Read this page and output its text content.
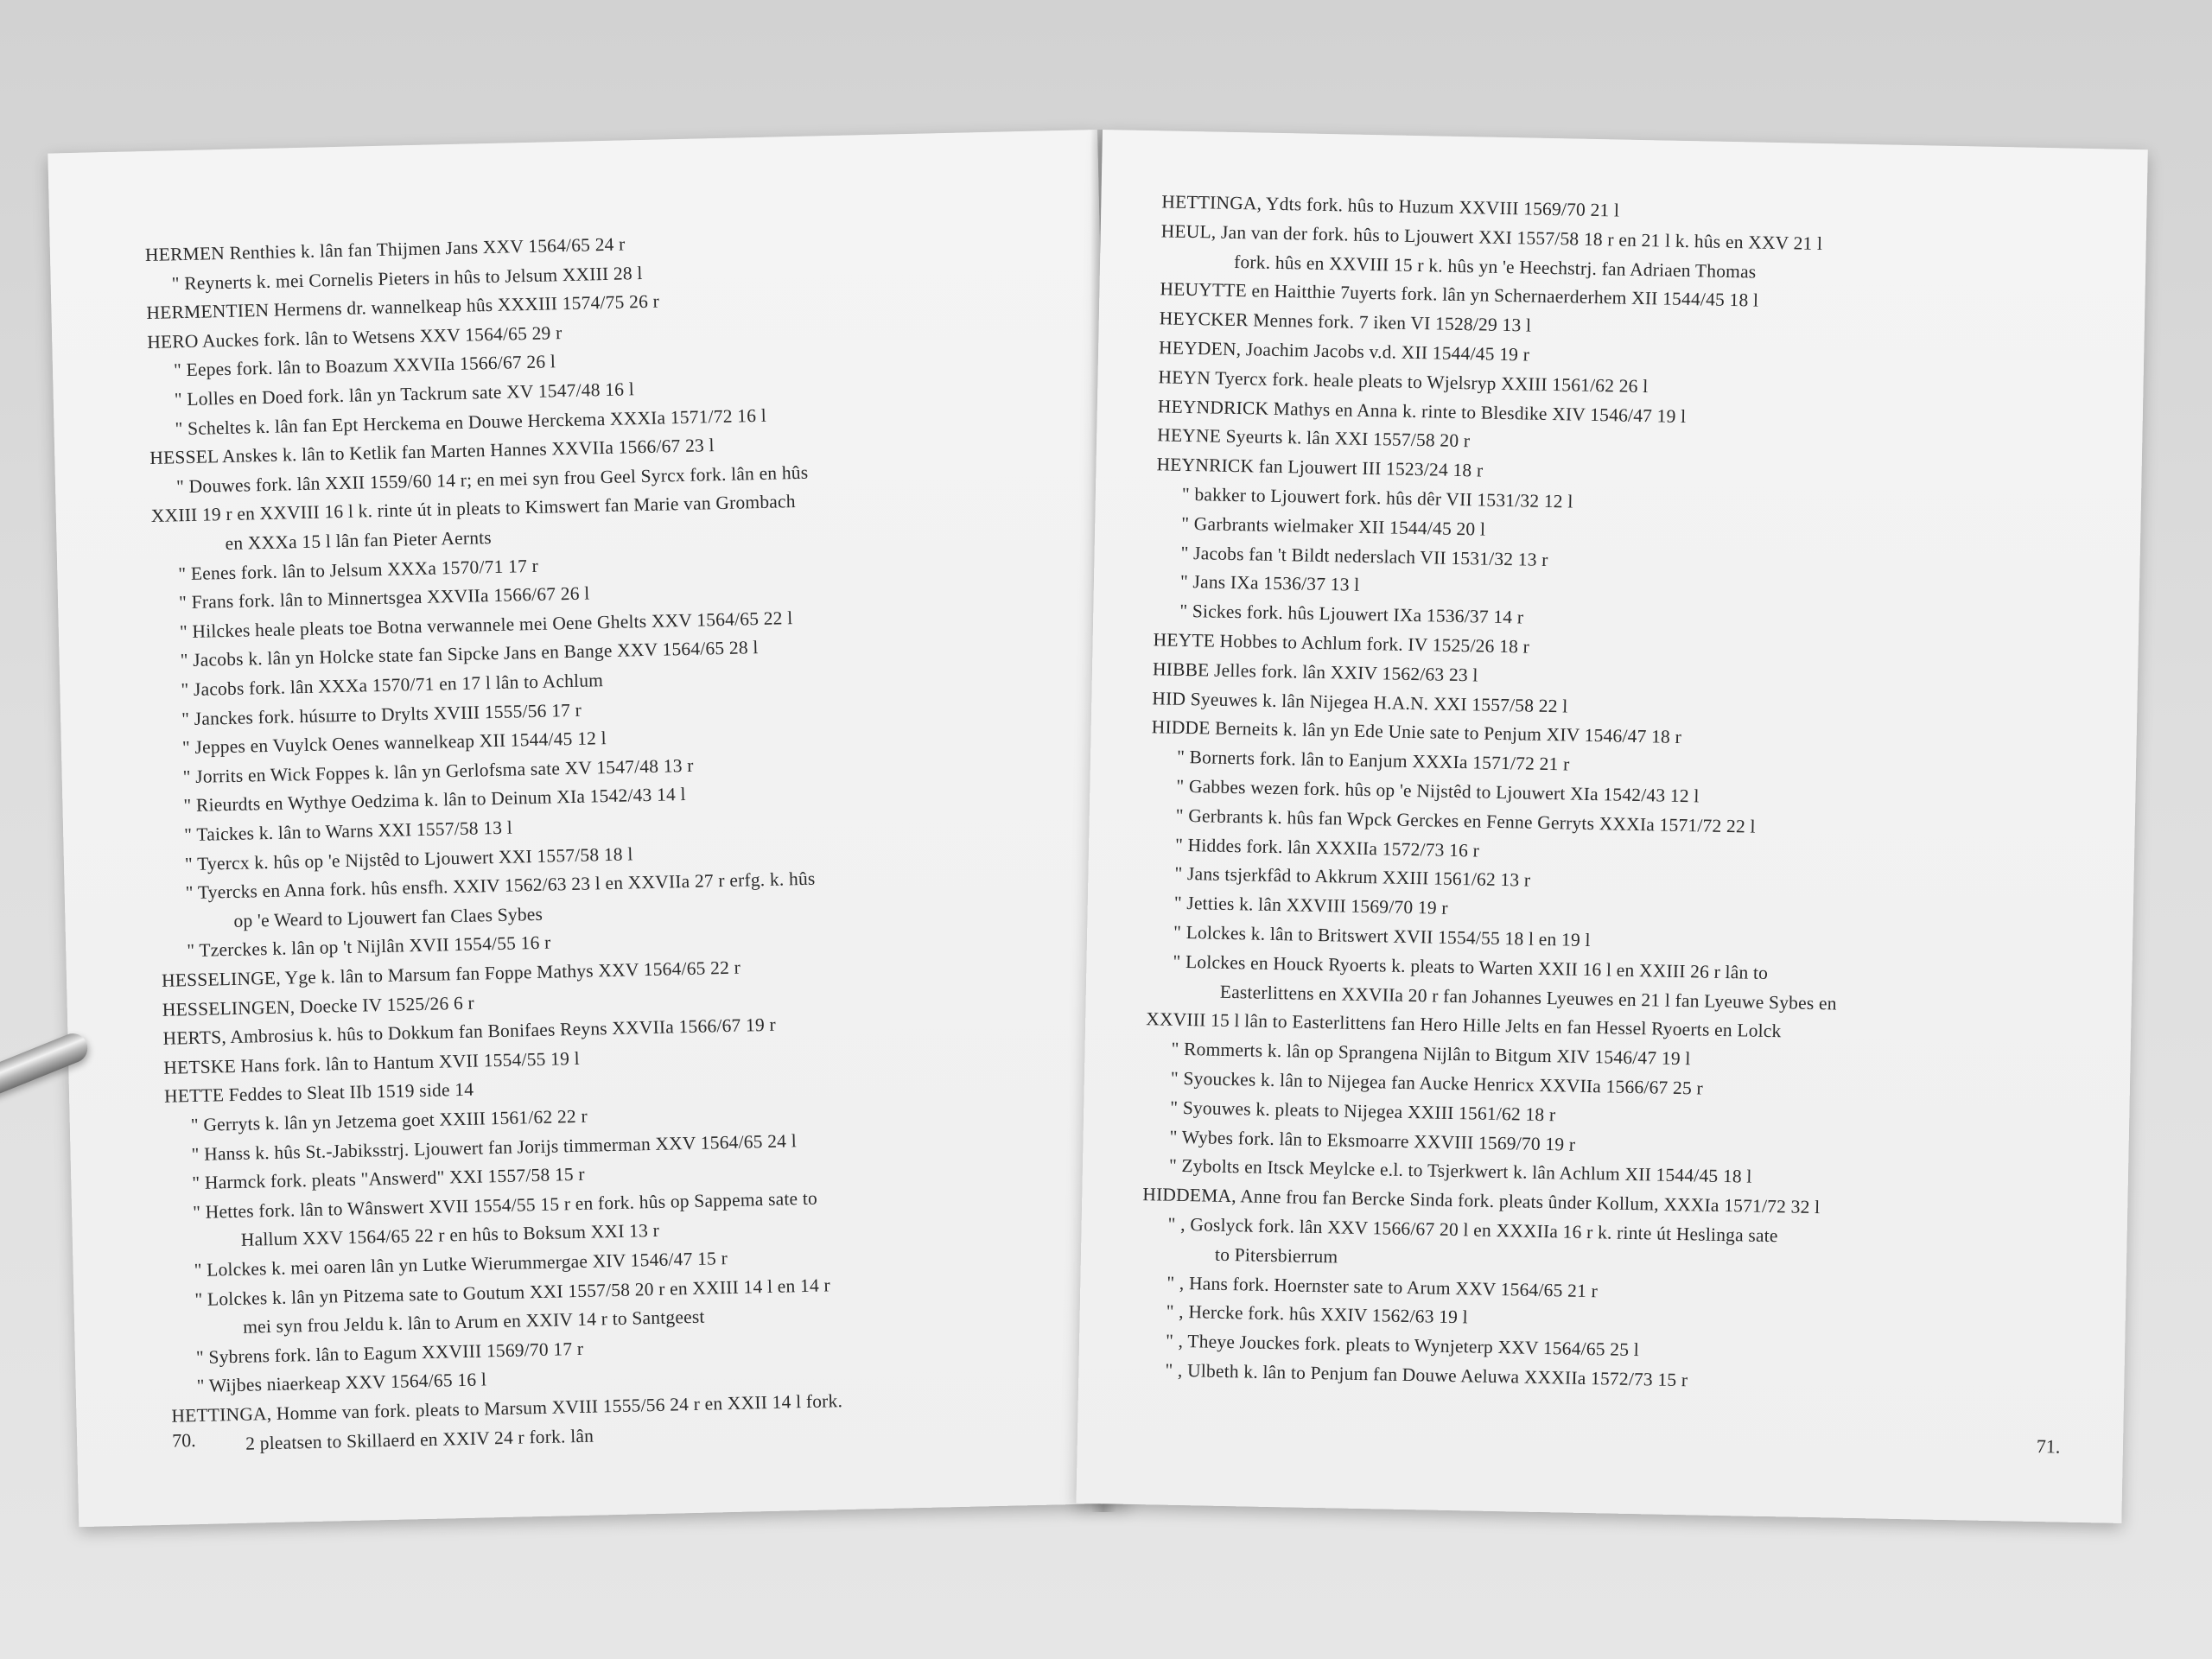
HERMEN Renthies k. lân fan Thijmen Jans XXV 1564/65 24 r
" Reynerts k. mei Cornelis Pieters in hûs to Jelsum XXIII 28 l
HERMENTIEN Hermens dr. wannelkeap hûs XXXIII 1574/75 26 r
HERO Auckes fork. lân to Wetsens XXV 1564/65 29 r
" Eepes fork. lân to Boazum XXVIIa 1566/67 26 l
" Lolles en Doed fork. lân yn Tackrum sate XV 1547/48 16 l
" Scheltes k. lân fan Ept Herckema en Douwe Herckema XXXIa 1571/72 16 l
HESSEL Anskes k. lân to Ketlik fan Marten Hannes XXVIIa 1566/67 23 l
" Douwes fork. lân XXII 1559/60 14 r; en mei syn frou Geel Syrcx fork. lân en hûs
XXIII 19 r en XXVIII 16 l k. rinte út in pleats to Kimswert fan Marie van Grombach
en XXXa 15 l lân fan Pieter Aernts
" Eenes fork. lân to Jelsum XXXa 1570/71 17 r
" Frans fork. lân to Minnertsgea XXVIIa 1566/67 26 l
" Hilckes heale pleats toe Botna verwannele mei Oene Ghelts XXV 1564/65 22 l
" Jacobs k. lân yn Holcke state fan Sipcke Jans en Bange XXV 1564/65 28 l
" Jacobs fork. lân XXXa 1570/71 en 17 l lân to Achlum
" Janckes fork. húsште to Drylts XVIII 1555/56 17 r
" Jeppes en Vuylck Oenes wannelkeap XII 1544/45 12 l
" Jorrits en Wick Foppes k. lân yn Gerlofsma sate XV 1547/48 13 r
" Rieurdts en Wythye Oedzima k. lân to Deinum XIa 1542/43 14 l
" Taickes k. lân to Warns XXI 1557/58 13 l
" Tyercx k. hûs op 'e Nijstêd to Ljouwert XXI 1557/58 18 l
" Tyercks en Anna fork. hûs ensfh. XXIV 1562/63 23 l en XXVIIa 27 r erfg. k. hûs
op 'e Weard to Ljouwert fan Claes Sybes
" Tzerckes k. lân op 't Nijlân XVII 1554/55 16 r
HESSELINGE, Yge k. lân to Marsum fan Foppe Mathys XXV 1564/65 22 r
HESSELINGEN, Doecke IV 1525/26 6 r
HERTS, Ambrosius k. hûs to Dokkum fan Bonifaes Reyns XXVIIa 1566/67 19 r
HETSKE Hans fork. lân to Hantum XVII 1554/55 19 l
HETTE Feddes to Sleat IIb 1519 side 14
" Gerryts k. lân yn Jetzema goet XXIII 1561/62 22 r
" Hanss k. hûs St.-Jabiksstrj. Ljouwert fan Jorijs timmerman XXV 1564/65 24 l
" Harmck fork. pleats "Answerd" XXI 1557/58 15 r
" Hettes fork. lân to Wânswert XVII 1554/55 15 r en fork. hûs op Sappema sate to
Hallum XXV 1564/65 22 r en hûs to Boksum XXI 13 r
" Lolckes k. mei oaren lân yn Lutke Wierummergae XIV 1546/47 15 r
" Lolckes k. lân yn Pitzema sate to Goutum XXI 1557/58 20 r en XXIII 14 l en 14 r
mei syn frou Jeldu k. lân to Arum en XXIV 14 r to Santgeest
" Sybrens fork. lân to Eagum XXVIII 1569/70 17 r
" Wijbes niaerkeap XXV 1564/65 16 l
HETTINGA, Homme van fork. pleats to Marsum XVIII 1555/56 24 r en XXII 14 l fork.
2 pleatsen to Skillaerd en XXIV 24 r fork. lân
70.
HETTINGA, Ydts fork. hûs to Huzum XXVIII 1569/70 21 l
HEUL, Jan van der fork. hûs to Ljouwert XXI 1557/58 18 r en 21 l k. hûs en XXV 21 l
fork. hûs en XXVIII 15 r k. hûs yn 'e Heechstrj. fan Adriaen Thomas
HEUYTTE en Haitthie 7uyerts fork. lân yn Schernaerderhem XII 1544/45 18 l
HEYCKER Mennes fork. 7 iken VI 1528/29 13 l
HEYDEN, Joachim Jacobs v.d. XII 1544/45 19 r
HEYN Tyercx fork. heale pleats to Wjelsryp XXIII 1561/62 26 l
HEYNDRICK Mathys en Anna k. rinte to Blesdike XIV 1546/47 19 l
HEYNE Syeurts k. lân XXI 1557/58 20 r
HEYNRICK fan Ljouwert III 1523/24 18 r
" bakker to Ljouwert fork. hûs dêr VII 1531/32 12 l
" Garbrants wielmaker XII 1544/45 20 l
" Jacobs fan 't Bildt nederslach VII 1531/32 13 r
" Jans IXa 1536/37 13 l
" Sickes fork. hûs Ljouwert IXa 1536/37 14 r
HEYTE Hobbes to Achlum fork. IV 1525/26 18 r
HIBBE Jelles fork. lân XXIV 1562/63 23 l
HID Syeuwes k. lân Nijegea H.A.N. XXI 1557/58 22 l
HIDDE Berneits k. lân yn Ede Unie sate to Penjum XIV 1546/47 18 r
" Bornerts fork. lân to Eanjum XXXIa 1571/72 21 r
" Gabbes wezen fork. hûs op 'e Nijstêd to Ljouwert XIa 1542/43 12 l
" Gerbrants k. hûs fan Wpck Gerckes en Fenne Gerryts XXXIa 1571/72 22 l
" Hiddes fork. lân XXXIIa 1572/73 16 r
" Jans tsjerkfâd to Akkrum XXIII 1561/62 13 r
" Jetties k. lân XXVIII 1569/70 19 r
" Lolckes k. lân to Britswert XVII 1554/55 18 l en 19 l
" Lolckes en Houck Ryoerts k. pleats to Warten XXII 16 l en XXIII 26 r lân to
Easterlittens en XXVIIa 20 r fan Johannes Lyeuwes en 21 l fan Lyeuwe Sybes en
XXVIII 15 l lân to Easterlittens fan Hero Hille Jelts en fan Hessel Ryoerts en Lolck
" Rommerts k. lân op Sprangena Nijlân to Bitgum XIV 1546/47 19 l
" Syouckes k. lân to Nijegea fan Aucke Henricx XXVIIa 1566/67 25 r
" Syouwes k. pleats to Nijegea XXIII 1561/62 18 r
" Wybes fork. lân to Eksmoarre XXVIII 1569/70 19 r
" Zybolts en Itsck Meylcke e.l. to Tsjerkwert k. lân Achlum XII 1544/45 18 l
HIDDEMA, Anne frou fan Bercke Sinda fork. pleats ûnder Kollum, XXXIa 1571/72 32 l
" , Goslyck fork. lân XXV 1566/67 20 l en XXXIIa 16 r k. rinte út Heslinga sate
to Pitersbierrum
" , Hans fork. Hoernster sate to Arum XXV 1564/65 21 r
" , Hercke fork. hûs XXIV 1562/63 19 l
" , Theye Jouckes fork. pleats to Wynjeterp XXV 1564/65 25 l
" , Ulbeth k. lân to Penjum fan Douwe Aeluwa XXXIIa 1572/73 15 r
71.
